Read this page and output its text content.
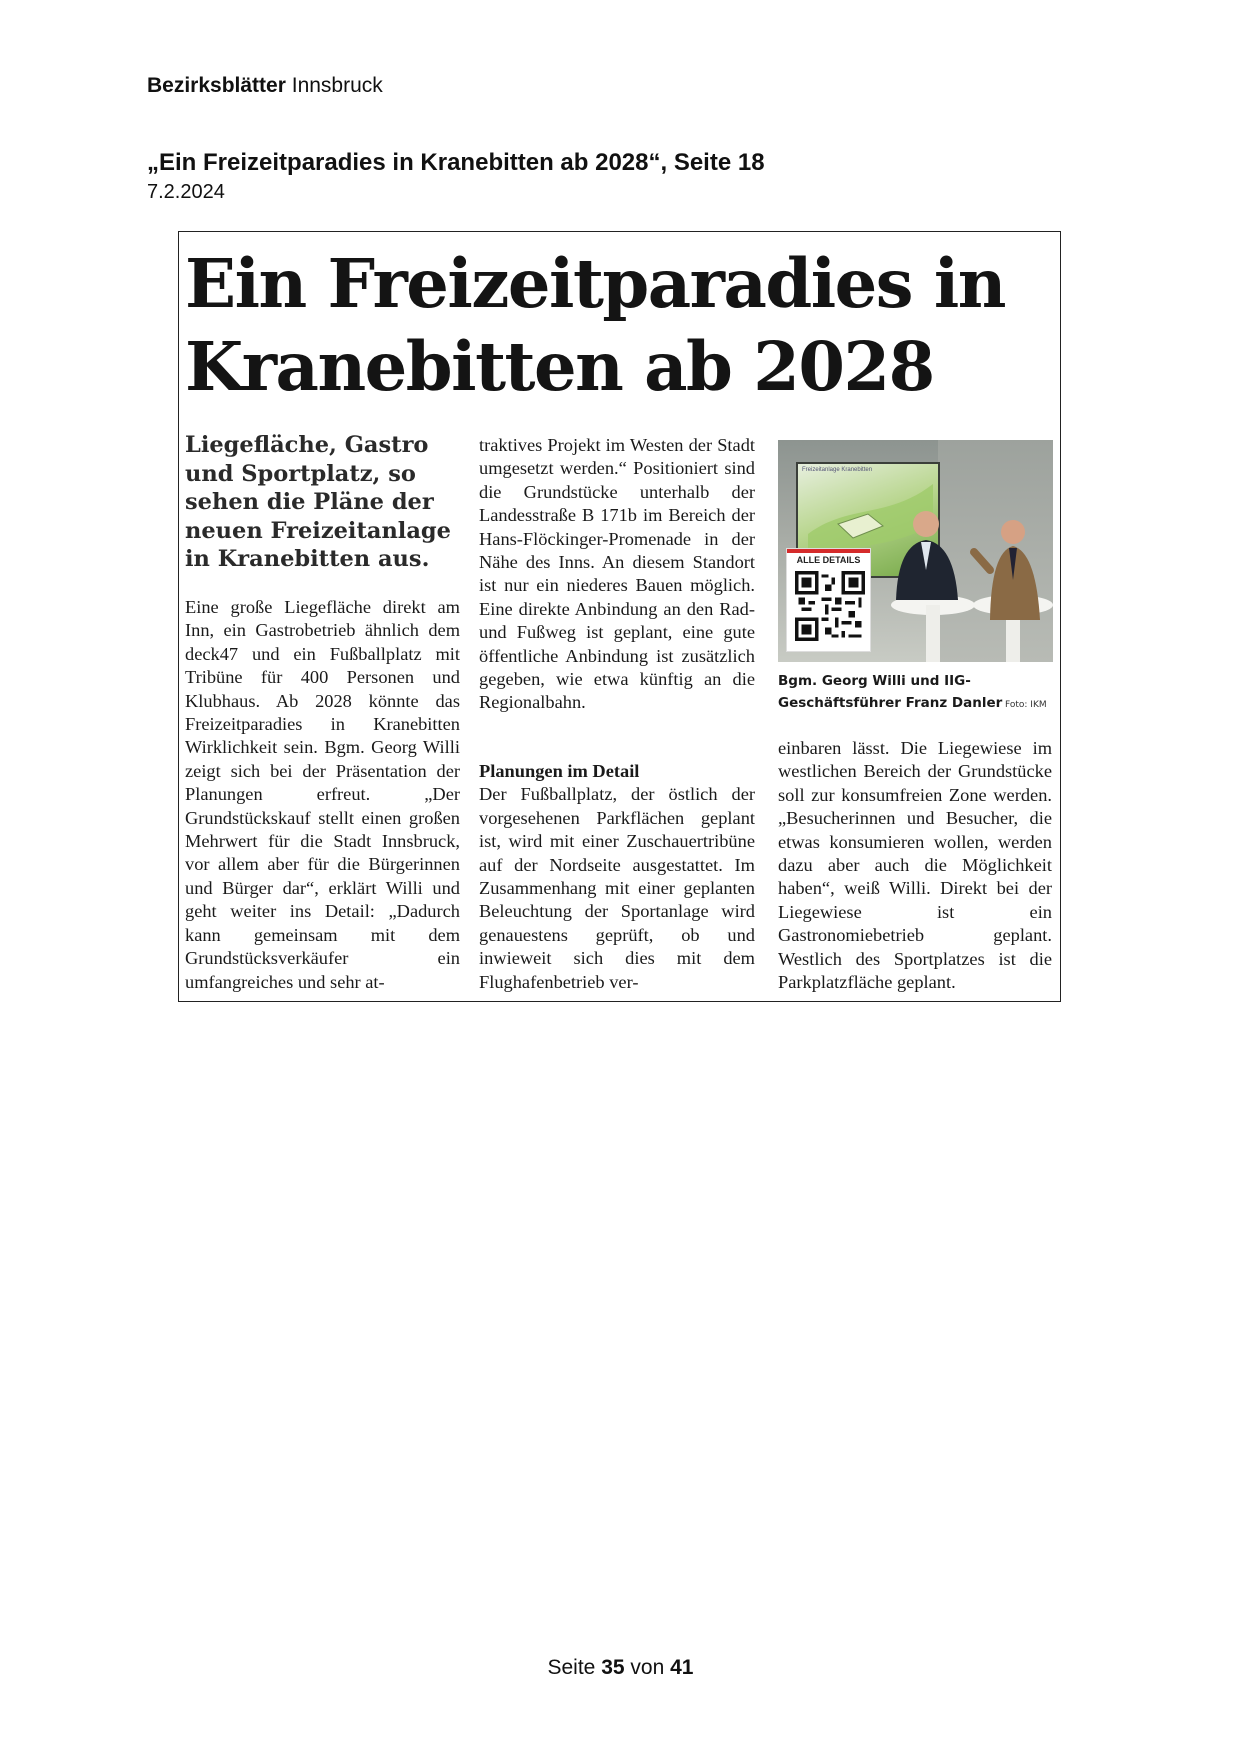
Bezirksblätter Innsbruck
„Ein Freizeitparadies in Kranebitten ab 2028“, Seite 18
7.2.2024
Ein Freizeitparadies in
Kranebitten ab 2028
Liegefläche, Gastro und Sportplatz, so sehen die Pläne der neuen Freizeitanlage in Kranebitten aus.
Eine große Liegefläche direkt am Inn, ein Gastrobetrieb ähnlich dem deck47 und ein Fußballplatz mit Tribüne für 400 Personen und Klubhaus. Ab 2028 könnte das Freizeitparadies in Kranebitten Wirklichkeit sein. Bgm. Georg Willi zeigt sich bei der Präsentation der Planungen erfreut. „Der Grundstückskauf stellt einen großen Mehrwert für die Stadt Innsbruck, vor allem aber für die Bürgerinnen und Bürger dar“, erklärt Willi und geht weiter ins Detail: „Dadurch kann gemeinsam mit dem Grundstücksverkäufer ein umfangreiches und sehr at-
traktives Projekt im Westen der Stadt umgesetzt werden.“ Positioniert sind die Grundstücke unterhalb der Landesstraße B 171b im Bereich der Hans-Flöckinger-Promenade in der Nähe des Inns. An diesem Standort ist nur ein niederes Bauen möglich. Eine direkte Anbindung an den Rad- und Fußweg ist geplant, eine gute öffentliche Anbindung ist zusätzlich gegeben, wie etwa künftig an die Regionalbahn.
Planungen im Detail
Der Fußballplatz, der östlich der vorgesehenen Parkflächen geplant ist, wird mit einer Zuschauertribüne auf der Nordseite ausgestattet. Im Zusammenhang mit einer geplanten Beleuchtung der Sportanlage wird genauestens geprüft, ob und inwieweit sich dies mit dem Flughafenbetrieb ver-
Freizeitanlage Kranebitten
ALLE DETAILS
Bgm. Georg Willi und IIG-Geschäftsführer Franz Danler Foto: IKM
einbaren lässt. Die Liegewiese im westlichen Bereich der Grundstücke soll zur konsumfreien Zone werden. „Besucherinnen und Besucher, die etwas konsumieren wollen, werden dazu aber auch die Möglichkeit haben“, weiß Willi. Direkt bei der Liegewiese ist ein Gastronomiebetrieb geplant. Westlich des Sportplatzes ist die Parkplatzfläche geplant.
Seite 35 von 41
